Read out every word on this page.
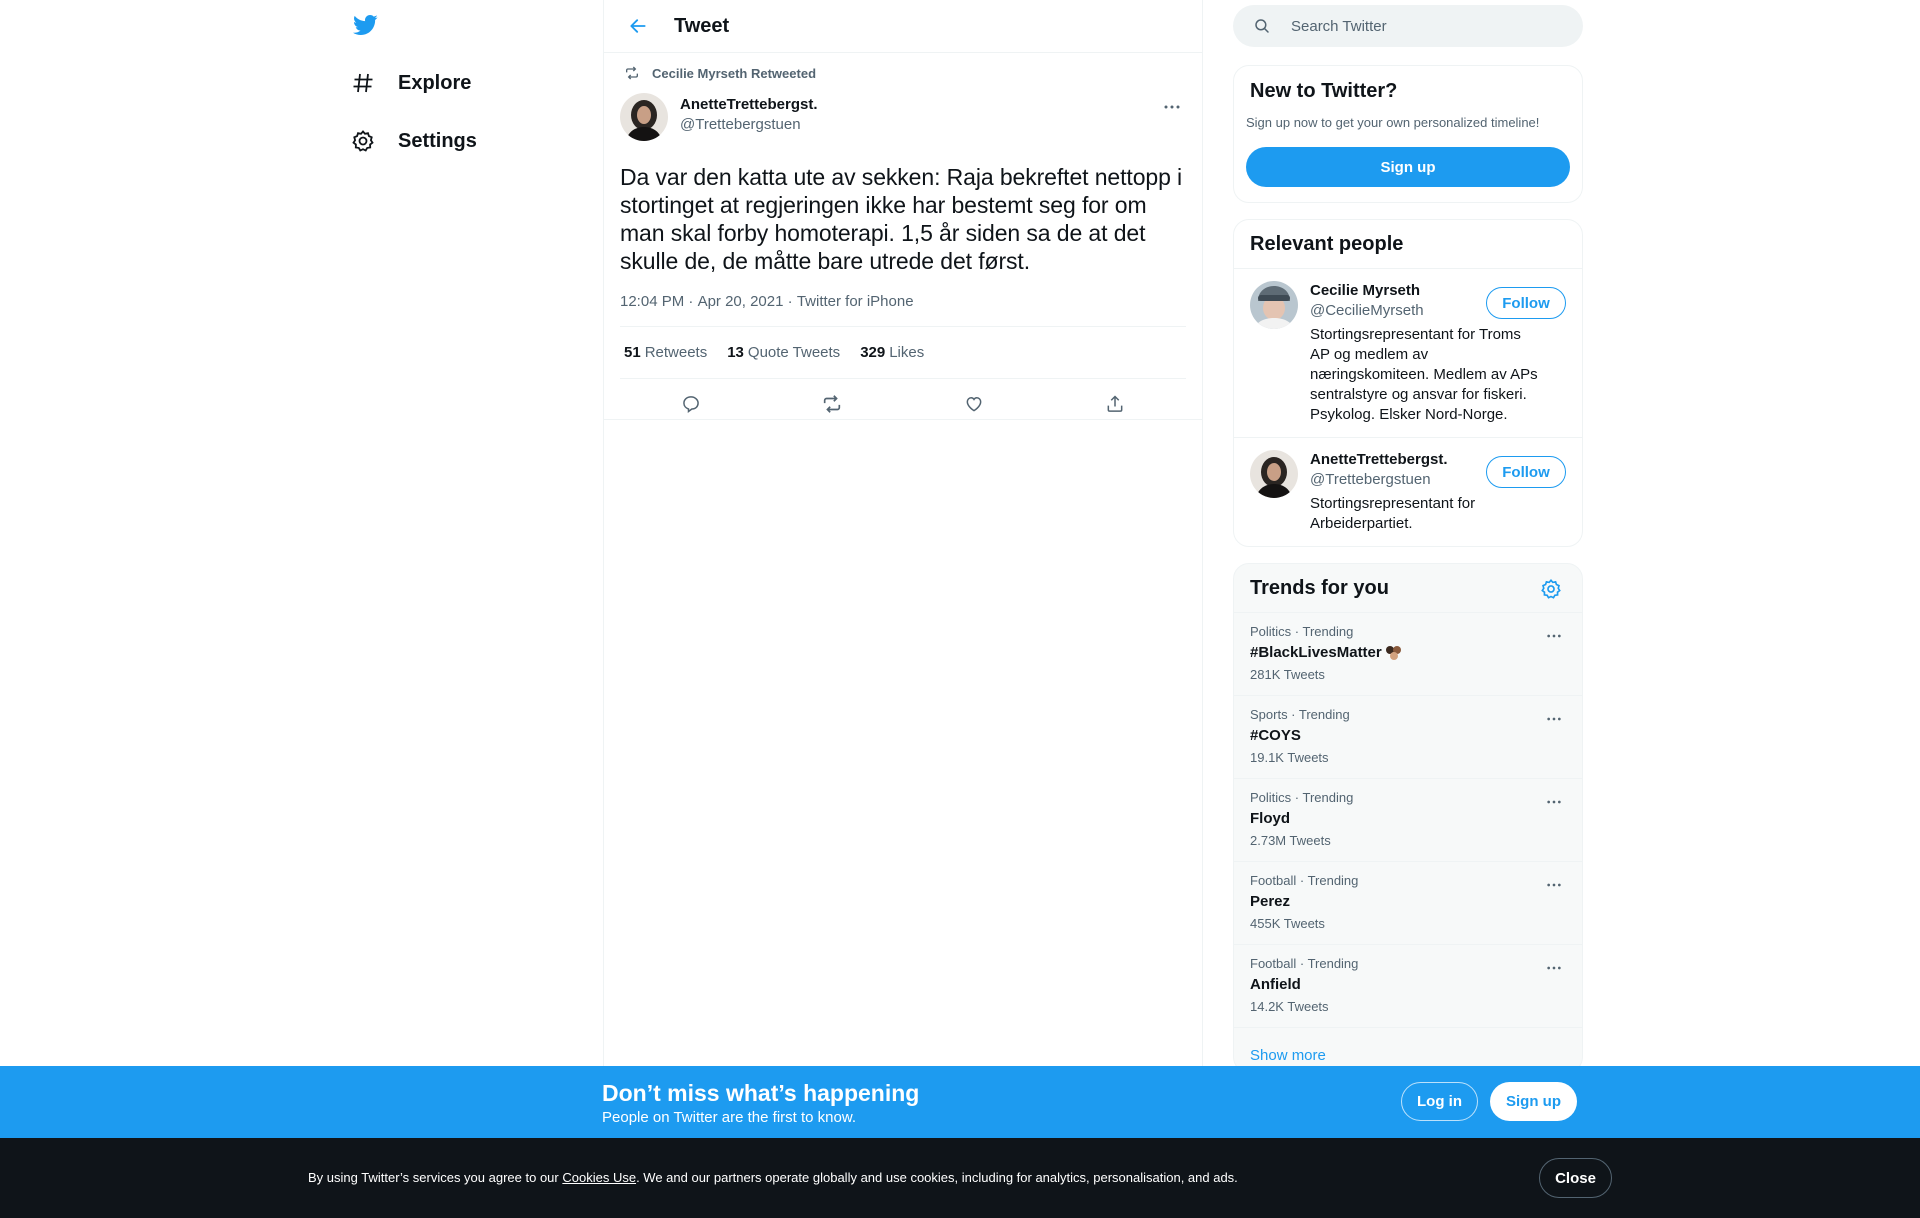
Explore
Settings
Tweet
Cecilie Myrseth Retweeted
AnetteTrettebergst.
@Trettebergstuen
Da var den katta ute av sekken: Raja bekreftet nettopp i stortinget at regjeringen ikke har bestemt seg for om man skal forby homoterapi. 1,5 år siden sa de at det skulle de, de måtte bare utrede det først.
12:04 PM · Apr 20, 2021 · Twitter for iPhone
51 Retweets 13 Quote Tweets 329 Likes
Search Twitter
New to Twitter?
Sign up now to get your own personalized timeline!
Sign up
Relevant people
Cecilie Myrseth
@CecilieMyrseth
Stortingsrepresentant for Troms AP og medlem av næringskomiteen. Medlem av APs sentralstyre og ansvar for fiskeri. Psykolog. Elsker Nord-Norge.
Follow
AnetteTrettebergst.
@Trettebergstuen
Stortingsrepresentant for Arbeiderpartiet.
Follow
Trends for you
Politics · Trending
#BlackLivesMatter
281K Tweets
Sports · Trending
#COYS
19.1K Tweets
Politics · Trending
Floyd
2.73M Tweets
Football · Trending
Perez
455K Tweets
Football · Trending
Anfield
14.2K Tweets
Show more
Don’t miss what’s happening
People on Twitter are the first to know.
Log in	Sign up
By using Twitter’s services you agree to our Cookies Use. We and our partners operate globally and use cookies, including for analytics, personalisation, and ads.	Close
